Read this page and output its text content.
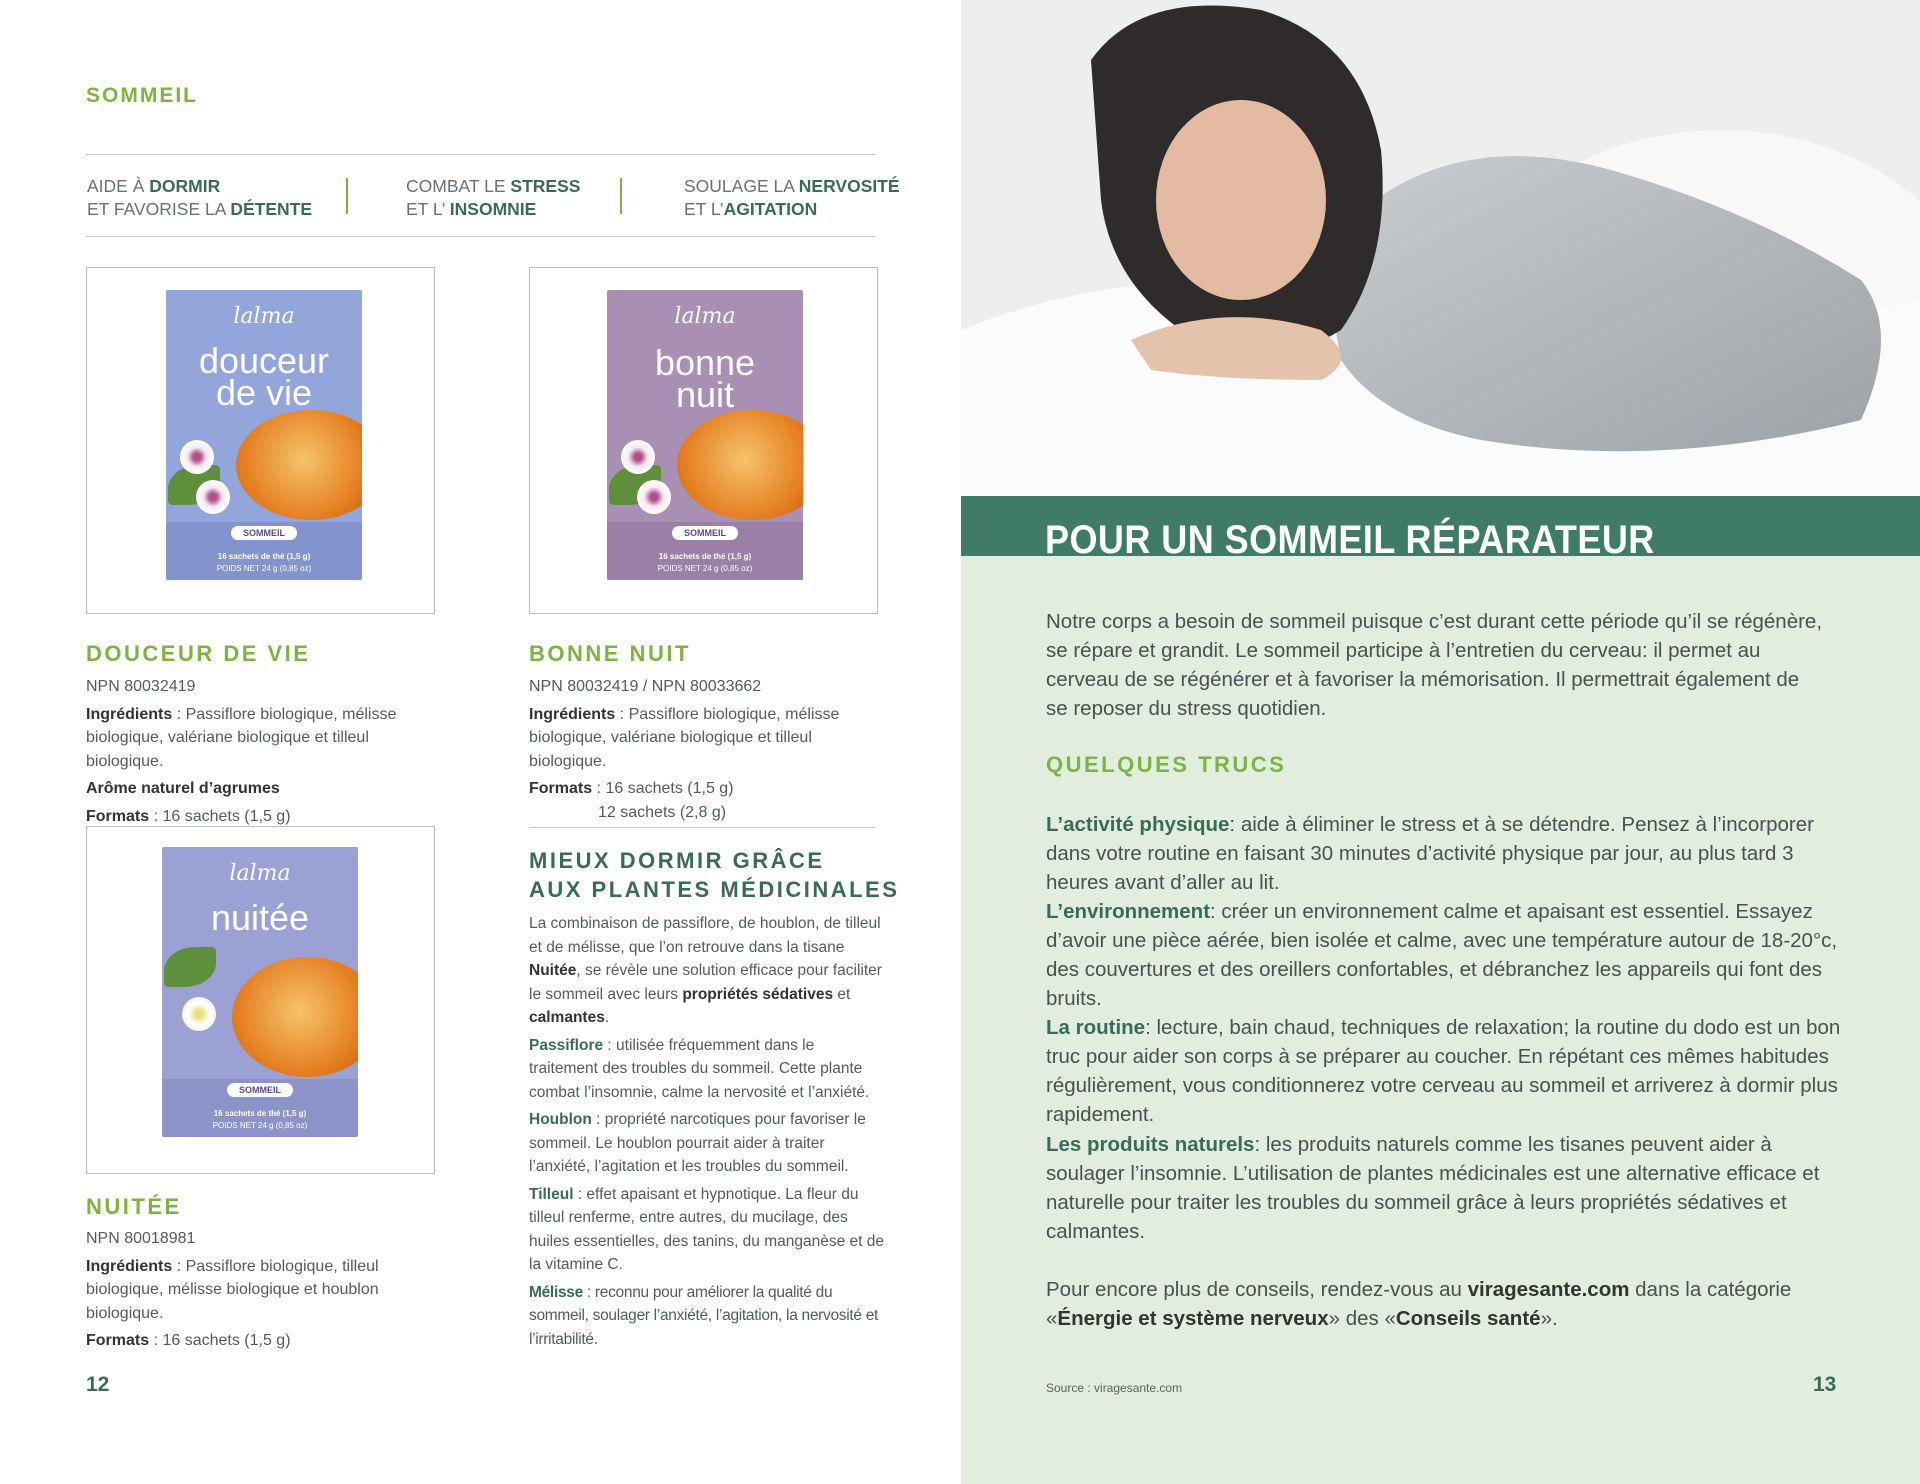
SOMMEIL
AIDE À DORMIR
ET FAVORISE LA DÉTENTE
COMBAT LE STRESS
ET L’ INSOMNIE
SOULAGE LA NERVOSITÉ
ET L’AGITATION
lalma
douceur
de vie
SOMMEIL
16 sachets de thé (1,5 g)
POIDS NET 24 g (0,85 oz)
lalma
bonne
nuit
SOMMEIL
16 sachets de thé (1,5 g)
POIDS NET 24 g (0,85 oz)
DOUCEUR DE VIE
NPN 80032419
Ingrédients : Passiflore biologique, mélisse biologique, valériane biologique et tilleul biologique.
Arôme naturel d’agrumes
Formats : 16 sachets (1,5 g)
BONNE NUIT
NPN 80032419 / NPN 80033662
Ingrédients : Passiflore biologique, mélisse biologique, valériane biologique et tilleul biologique.
Formats : 16 sachets (1,5 g)
12 sachets (2,8 g)
lalma
nuitée
SOMMEIL
16 sachets de thé (1,5 g)
POIDS NET 24 g (0,85 oz)
NUITÉE
NPN 80018981
Ingrédients : Passiflore biologique, tilleul biologique, mélisse biologique et houblon biologique.
Formats : 16 sachets (1,5 g)
MIEUX DORMIR GRÂCE
AUX PLANTES MÉDICINALES
La combinaison de passiflore, de houblon, de tilleul et de mélisse, que l’on retrouve dans la tisane Nuitée, se révèle une solution efficace pour faciliter le sommeil avec leurs propriétés sédatives et calmantes.
Passiflore : utilisée fréquemment dans le traitement des troubles du sommeil. Cette plante combat l’insomnie, calme la nervosité et l’anxiété.
Houblon : propriété narcotiques pour favoriser le sommeil. Le houblon pourrait aider à traiter l’anxiété, l’agitation et les troubles du sommeil.
Tilleul : effet apaisant et hypnotique. La fleur du tilleul renferme, entre autres, du mucilage, des huiles essentielles, des tanins, du manganèse et de la vitamine C.
Mélisse : reconnu pour améliorer la qualité du sommeil, soulager l’anxiété, l’agitation, la nervosité et l’irritabilité.
12
POUR UN SOMMEIL RÉPARATEUR
Notre corps a besoin de sommeil puisque c’est durant cette période qu’il se régénère, se répare et grandit. Le sommeil participe à l’entretien du cerveau: il permet au cerveau de se régénérer et à favoriser la mémorisation. Il permettrait également de se reposer du stress quotidien.
QUELQUES TRUCS
L’activité physique: aide à éliminer le stress et à se détendre. Pensez à l’incorporer dans votre routine en faisant 30 minutes d’activité physique par jour, au plus tard 3 heures avant d’aller au lit.
L’environnement: créer un environnement calme et apaisant est essentiel. Essayez d’avoir une pièce aérée, bien isolée et calme, avec une température autour de 18-20°c, des couvertures et des oreillers confortables, et débranchez les appareils qui font des bruits.
La routine: lecture, bain chaud, techniques de relaxation; la routine du dodo est un bon truc pour aider son corps à se préparer au coucher. En répétant ces mêmes habitudes régulièrement, vous conditionnerez votre cerveau au sommeil et arriverez à dormir plus rapidement.
Les produits naturels: les produits naturels comme les tisanes peuvent aider à soulager l’insomnie. L’utilisation de plantes médicinales est une alternative efficace et naturelle pour traiter les troubles du sommeil grâce à leurs propriétés sédatives et calmantes.
Pour encore plus de conseils, rendez-vous au viragesante.com dans la catégorie «Énergie et système nerveux» des «Conseils santé».
Source : viragesante.com	13
